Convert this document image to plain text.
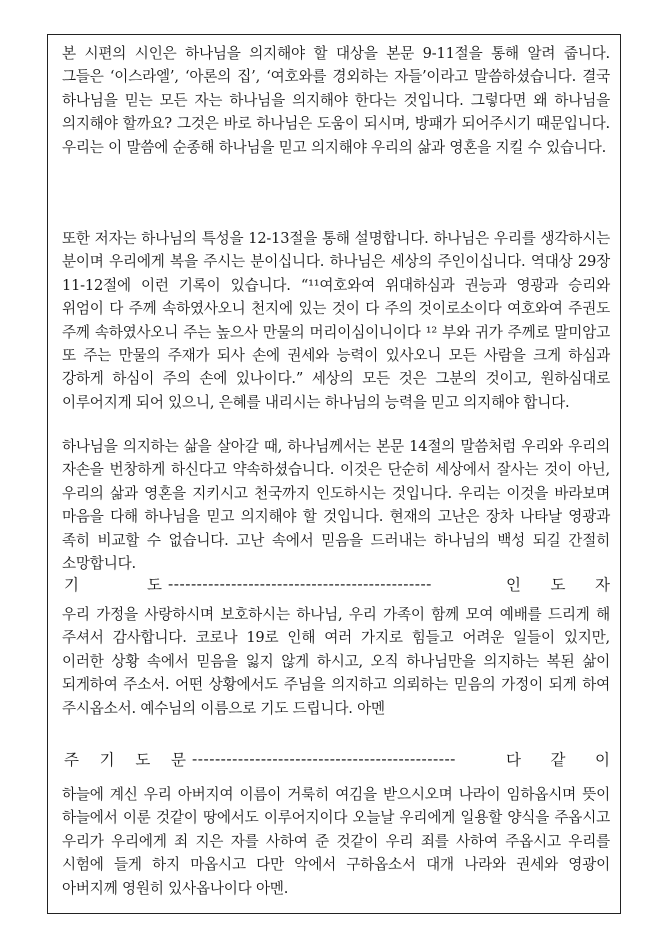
본 시편의 시인은 하나님을 의지해야 할 대상을 본문 9-11절을 통해 알려 줍니다. 그들은 ‘이스라엘’, ‘아론의 집’, ‘여호와를 경외하는 자들’이라고 말씀하셨습니다. 결국 하나님을 믿는 모든 자는 하나님을 의지해야 한다는 것입니다. 그렇다면 왜 하나님을 의지해야 할까요? 그것은 바로 하나님은 도움이 되시며, 방패가 되어주시기 때문입니다. 우리는 이 말씀에 순종해 하나님을 믿고 의지해야 우리의 삶과 영혼을 지킬 수 있습니다.

또한 저자는 하나님의 특성을 12-13절을 통해 설명합니다. 하나님은 우리를 생각하시는 분이며 우리에게 복을 주시는 분이십니다. 하나님은 세상의 주인이십니다. 역대상 29장 11-12절에 이런 기록이 있습니다. “¹¹여호와여 위대하심과 권능과 영광과 승리와 위엄이 다 주께 속하였사오니 천지에 있는 것이 다 주의 것이로소이다 여호와여 주권도 주께 속하였사오니 주는 높으사 만물의 머리이심이니이다 ¹² 부와 귀가 주께로 말미암고 또 주는 만물의 주재가 되사 손에 권세와 능력이 있사오니 모든 사람을 크게 하심과 강하게 하심이 주의 손에 있나이다.” 세상의 모든 것은 그분의 것이고, 원하심대로 이루어지게 되어 있으니, 은혜를 내리시는 하나님의 능력을 믿고 의지해야 합니다.

하나님을 의지하는 삶을 살아갈 때, 하나님께서는 본문 14절의 말씀처럼 우리와 우리의 자손을 번창하게 하신다고 약속하셨습니다. 이것은 단순히 세상에서 잘사는 것이 아닌, 우리의 삶과 영혼을 지키시고 천국까지 인도하시는 것입니다. 우리는 이것을 바라보며 마음을 다해 하나님을 믿고 의지해야 할 것입니다. 현재의 고난은 장차 나타날 영광과 족히 비교할 수 없습니다. 고난 속에서 믿음을 드러내는 하나님의 백성 되길 간절히 소망합니다.

기	도 ----------------------------------------------	인 도 자

우리 가정을 사랑하시며 보호하시는 하나님, 우리 가족이 함께 모여 예배를 드리게 해 주셔서 감사합니다. 코로나 19로 인해 여러 가지로 힘들고 어려운 일들이 있지만, 이러한 상황 속에서 믿음을 잃지 않게 하시고, 오직 하나님만을 의지하는 복된 삶이 되게하여 주소서. 어떤 상황에서도 주님을 의지하고 의뢰하는 믿음의 가정이 되게 하여 주시옵소서. 예수님의 이름으로 기도 드립니다. 아멘

주 기 도 문 ----------------------------------------------	다 같 이

하늘에 계신 우리 아버지여 이름이 거룩히 여김을 받으시오며 나라이 임하옵시며 뜻이 하늘에서 이룬 것같이 땅에서도 이루어지이다 오늘날 우리에게 일용할 양식을 주옵시고 우리가 우리에게 죄 지은 자를 사하여 준 것같이 우리 죄를 사하여 주옵시고 우리를 시험에 들게 하지 마옵시고 다만 악에서 구하옵소서 대개 나라와 권세와 영광이 아버지께 영원히 있사옵나이다 아멘.
